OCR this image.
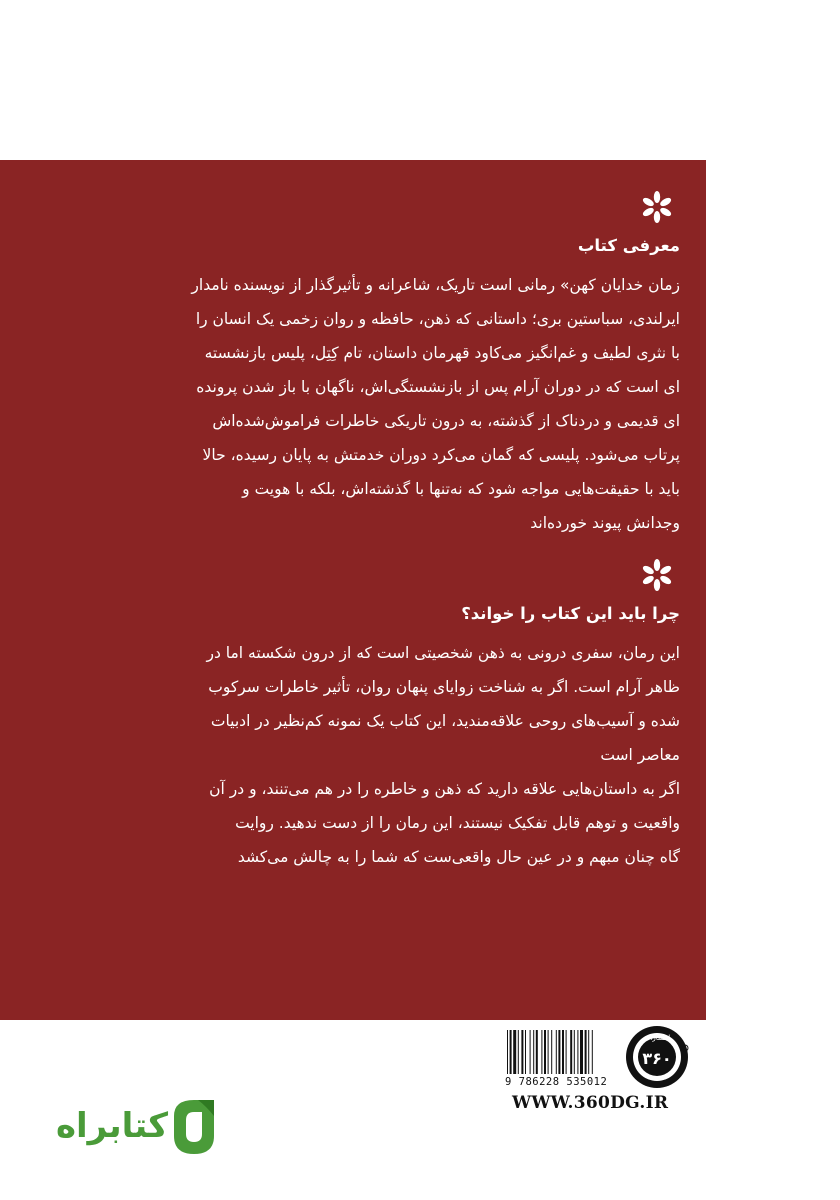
معرفی کتاب

زمان خدایان کهن» رمانی است تاریک، شاعرانه و تأثیرگذار از نویسنده نامدار

ایرلندی، سباستین بری؛ داستانی که ذهن، حافظه و روان زخمی یک انسان را

با نثری لطیف و غم‌انگیز می‌کاود قهرمان داستان، تام کِتِل، پلیس بازنشسته

ای است که در دوران آرام پس از بازنشستگی‌اش، ناگهان با باز شدن پرونده

ای قدیمی و دردناک از گذشته، به درون تاریکی خاطرات فراموش‌شده‌اش

پرتاب می‌شود. پلیسی که گمان می‌کرد دوران خدمتش به پایان رسیده، حالا

باید با حقیقت‌هایی مواجه شود که نه‌تنها با گذشته‌اش، بلکه با هویت و

وجدانش پیوند خورده‌اند

چرا باید این کتاب را خواند؟

این رمان، سفری درونی به ذهن شخصیتی است که از درون شکسته اما در

ظاهر آرام است. اگر به شناخت زوایای پنهان روان، تأثیر خاطرات سرکوب

شده و آسیب‌های روحی علاقه‌مندید، این کتاب یک نمونه کم‌نظیر در ادبیات

معاصر است

اگر به داستان‌هایی علاقه دارید که ذهن و خاطره را در هم می‌تنند، و در آن

واقعیت و توهم قابل تفکیک نیستند، این رمان را از دست ندهید. روایت

گاه چنان مبهم و در عین حال واقعی‌ست که شما را به چالش می‌کشد

9 786228 535012
انتشارات
۳۶۰
WWW.360DG.IR
کتابراه
